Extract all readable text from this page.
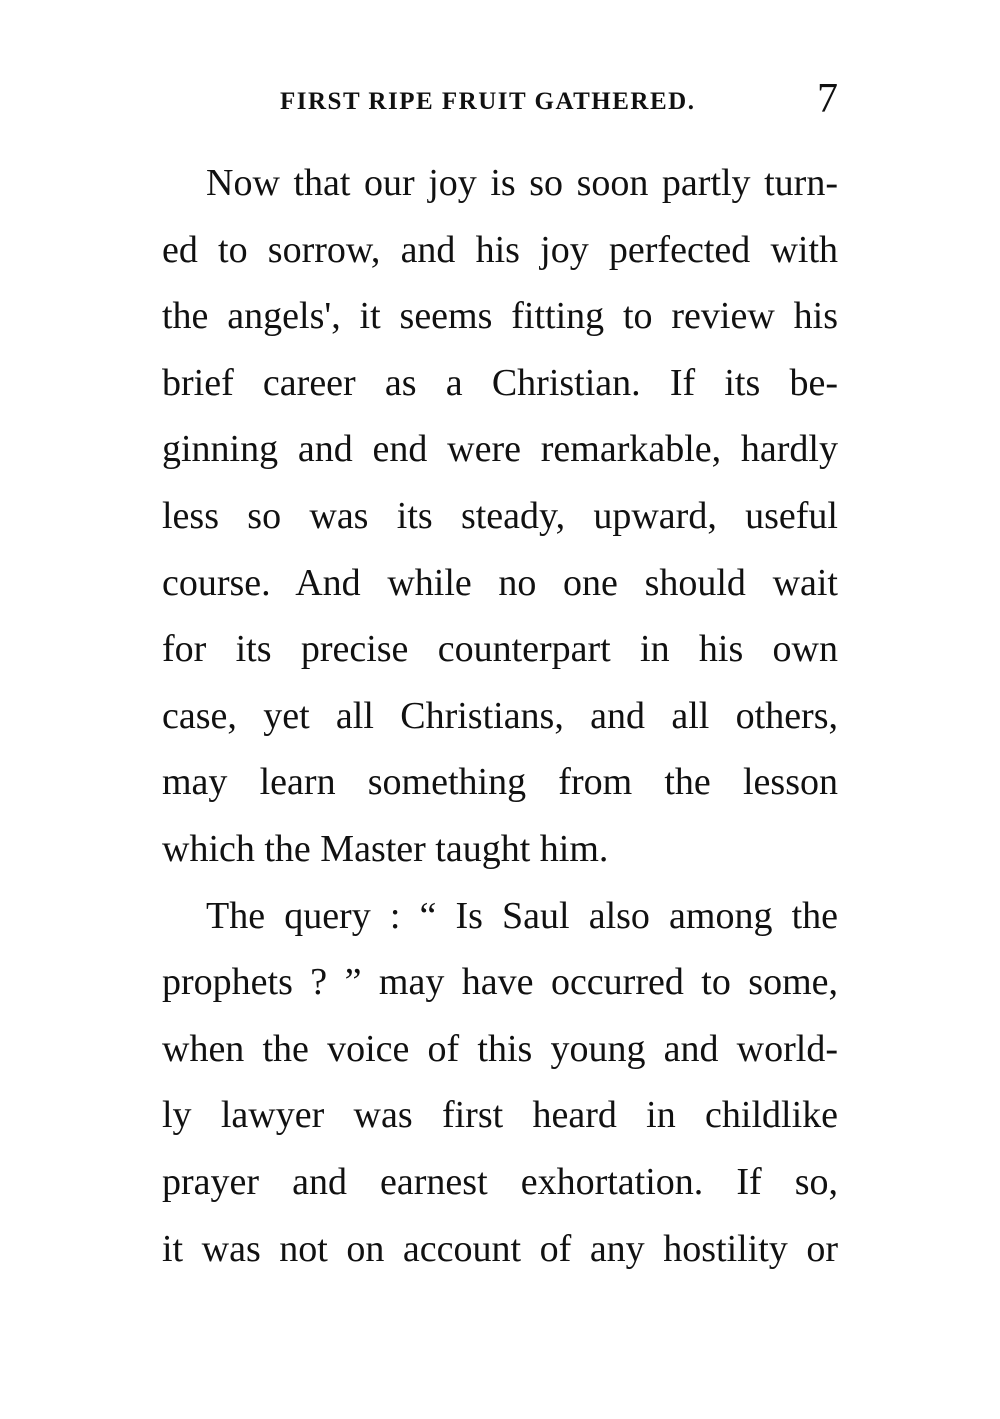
FIRST RIPE FRUIT GATHERED.	7
Now that our joy is so soon partly turn-
ed to sorrow, and his joy perfected with
the angels', it seems fitting to review his
brief career as a Christian. If its be-
ginning and end were remarkable, hardly
less so was its steady, upward, useful
course. And while no one should wait
for its precise counterpart in his own
case, yet all Christians, and all others,
may learn something from the lesson
which the Master taught him.
The query : “ Is Saul also among the
prophets ? ” may have occurred to some,
when the voice of this young and world-
ly lawyer was first heard in childlike
prayer and earnest exhortation. If so,
it was not on account of any hostility or
